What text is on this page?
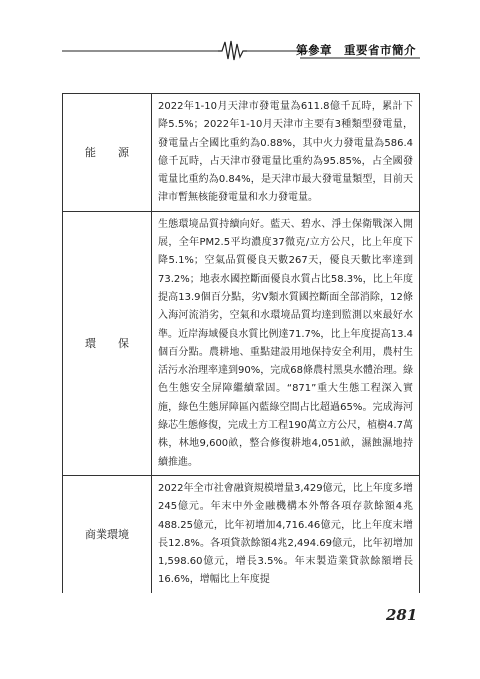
第參章　重要省市簡介
能　　源	2022年1-10月天津市發電量為611.8億千瓦時，累計下降5.5%；2022年1-10月天津市主要有3種類型發電量，發電量占全國比重約為0.88%，其中火力發電量為586.4億千瓦時，占天津市發電量比重約為95.85%，占全國發電量比重約為0.84%，是天津市最大發電量類型，目前天津市暫無核能發電量和水力發電量。

環　　保	生態環境品質持續向好。藍天、碧水、淨土保衛戰深入開展，全年PM2.5平均濃度37微克/立方公尺，比上年度下降5.1%；空氣品質優良天數267天，優良天數比率達到73.2%；地表水國控斷面優良水質占比58.3%，比上年度提高13.9個百分點，劣V類水質國控斷面全部消除，12條入海河流消劣，空氣和水環境品質均達到監測以來最好水準。近岸海域優良水質比例達71.7%，比上年度提高13.4個百分點。農耕地、重點建設用地保持安全利用，農村生活污水治理率達到90%，完成68條農村黑臭水體治理。綠色生態安全屏障繼續鞏固。“871”重大生態工程深入實施，綠色生態屏障區內藍綠空間占比超過65%。完成海河綠芯生態修復，完成土方工程190萬立方公尺，植樹4.7萬株，林地9,600畝，整合修復耕地4,051畝，濕蝕濕地持續推進。

商業環境	2022年全市社會融資規模增量3,429億元，比上年度多增245億元。年末中外金融機構本外幣各項存款餘額4兆488.25億元，比年初增加4,716.46億元，比上年度末增長12.8%。各項貸款餘額4兆2,494.69億元，比年初增加1,598.60億元，增長3.5%。年末製造業貸款餘額增長16.6%，增幅比上年度提

281
